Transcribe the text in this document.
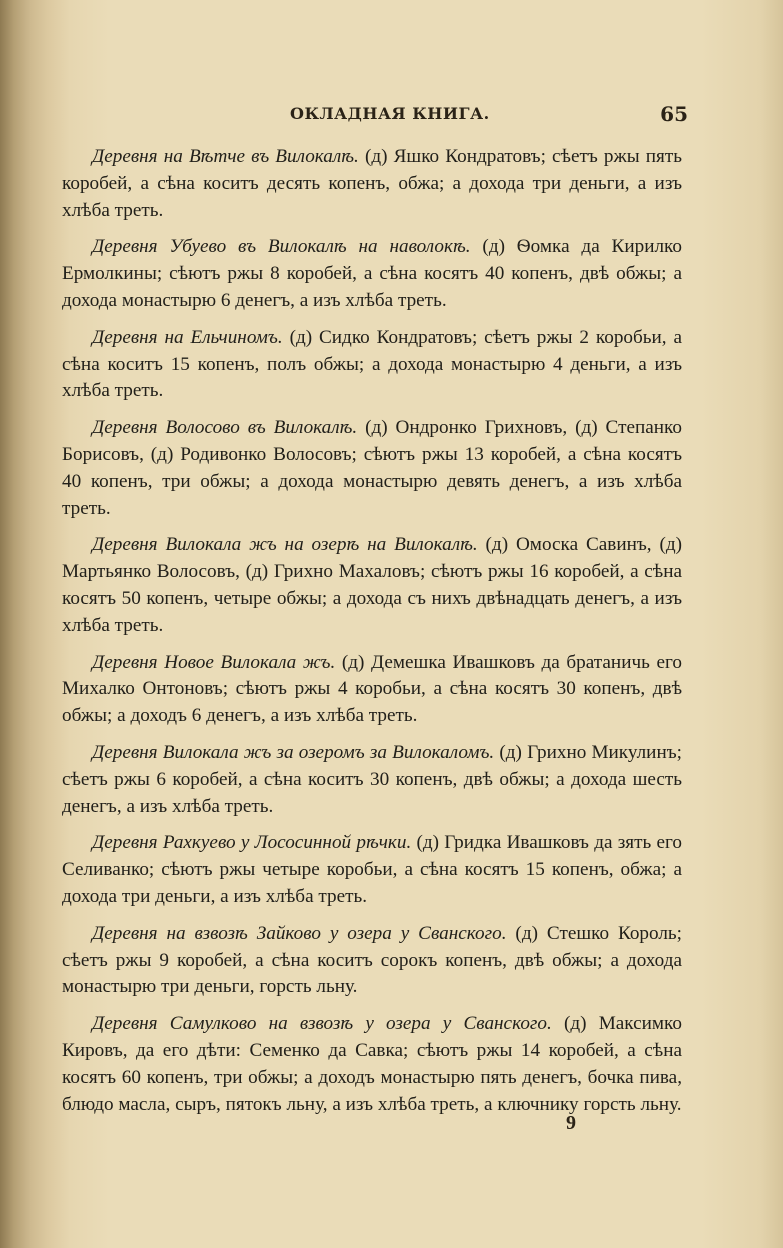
ОКЛАДНАЯ КНИГА.	65

Деревня на Вѣтче въ Вилокалѣ. (д) Яшко Кондратовъ; сѣетъ ржы пять коробей, а сѣна коситъ десять копенъ, обжа; а дохода три деньги, а изъ хлѣба треть.

Деревня Убуево въ Вилокалѣ на наволокѣ. (д) Ѳомка да Кирилко Ермолкины; сѣютъ ржы 8 коробей, а сѣна косятъ 40 копенъ, двѣ обжы; а дохода монастырю 6 денегъ, а изъ хлѣба треть.

Деревня на Ельчиномъ. (д) Сидко Кондратовъ; сѣетъ ржы 2 коробьи, а сѣна коситъ 15 копенъ, полъ обжы; а дохода монастырю 4 деньги, а изъ хлѣба треть.

Деревня Волосово въ Вилокалѣ. (д) Ондронко Грихновъ, (д) Степанко Борисовъ, (д) Родивонко Волосовъ; сѣютъ ржы 13 коробей, а сѣна косятъ 40 копенъ, три обжы; а дохода монастырю девять денегъ, а изъ хлѣба треть.

Деревня Вилокала жъ на озерѣ на Вилокалѣ. (д) Омоска Савинъ, (д) Мартьянко Волосовъ, (д) Грихно Махаловъ; сѣютъ ржы 16 коробей, а сѣна косятъ 50 копенъ, четыре обжы; а дохода съ нихъ двѣнадцать денегъ, а изъ хлѣба треть.

Деревня Новое Вилокала жъ. (д) Демешка Ивашковъ да братаничь его Михалко Онтоновъ; сѣютъ ржы 4 коробьи, а сѣна косятъ 30 копенъ, двѣ обжы; а доходъ 6 денегъ, а изъ хлѣба треть.

Деревня Вилокала жъ за озеромъ за Вилокаломъ. (д) Грихно Микулинъ; сѣетъ ржы 6 коробей, а сѣна коситъ 30 копенъ, двѣ обжы; а дохода шесть денегъ, а изъ хлѣба треть.

Деревня Рахкуево у Лососинной рѣчки. (д) Гридка Ивашковъ да зять его Селиванко; сѣютъ ржы четыре коробьи, а сѣна косятъ 15 копенъ, обжа; а дохода три деньги, а изъ хлѣба треть.

Деревня на взвозѣ Зайково у озера у Сванского. (д) Стешко Король; сѣетъ ржы 9 коробей, а сѣна коситъ сорокъ копенъ, двѣ обжы; а дохода монастырю три деньги, горсть льну.

Деревня Самулково на взвозѣ у озера у Сванского. (д) Максимко Кировъ, да его дѣти: Семенко да Савка; сѣютъ ржы 14 коробей, а сѣна косятъ 60 копенъ, три обжы; а доходъ монастырю пять денегъ, бочка пива, блюдо масла, сыръ, пятокъ льну, а изъ хлѣба треть, а ключнику горсть льну.

9
